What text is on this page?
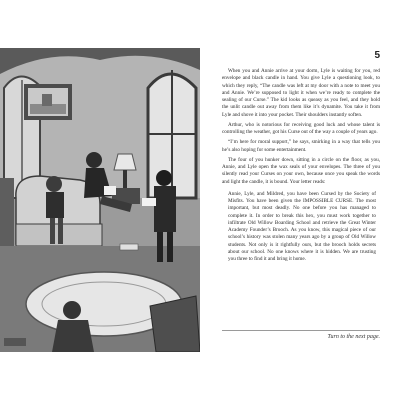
5

When you and Annie arrive at your dorm, Lyle is waiting for you, red envelope and black candle in hand. You give Lyle a questioning look, to which they reply, “The candle was left at my door with a note to meet you and Annie. We’re supposed to light it when we’re ready to complete the sealing of our Curse.” The kid looks as queasy as you feel, and they hold the unlit candle out away from them like it’s dynamite. You take it from Lyle and shove it into your pocket. Their shoulders instantly soften.

Arthur, who is notorious for receiving good luck and whose talent is controlling the weather, got his Curse out of the way a couple of years ago.

“I’m here for moral support,” he says, smirking in a way that tells you he’s also hoping for some entertainment.

The four of you hunker down, sitting in a circle on the floor, as you, Annie, and Lyle open the wax seals of your envelopes. The three of you silently read your Curses on your own, because once you speak the words and light the candle, it is bound. Your letter reads:

Annie, Lyle, and Mildred, you have been Cursed by the Society of Misfits. You have been given the IMPOSSIBLE CURSE. The most important, but most deadly. No one before you has managed to complete it. In order to break this hex, you must work together to infiltrate Old Willow Boarding School and retrieve the Great Winter Academy Founder’s Brooch. As you know, this magical piece of our school’s history was stolen many years ago by a group of Old Willow students. Not only is it rightfully ours, but the brooch holds secrets about our school. No one knows where it is hidden. We are trusting you three to find it and bring it home.

Turn to the next page.
